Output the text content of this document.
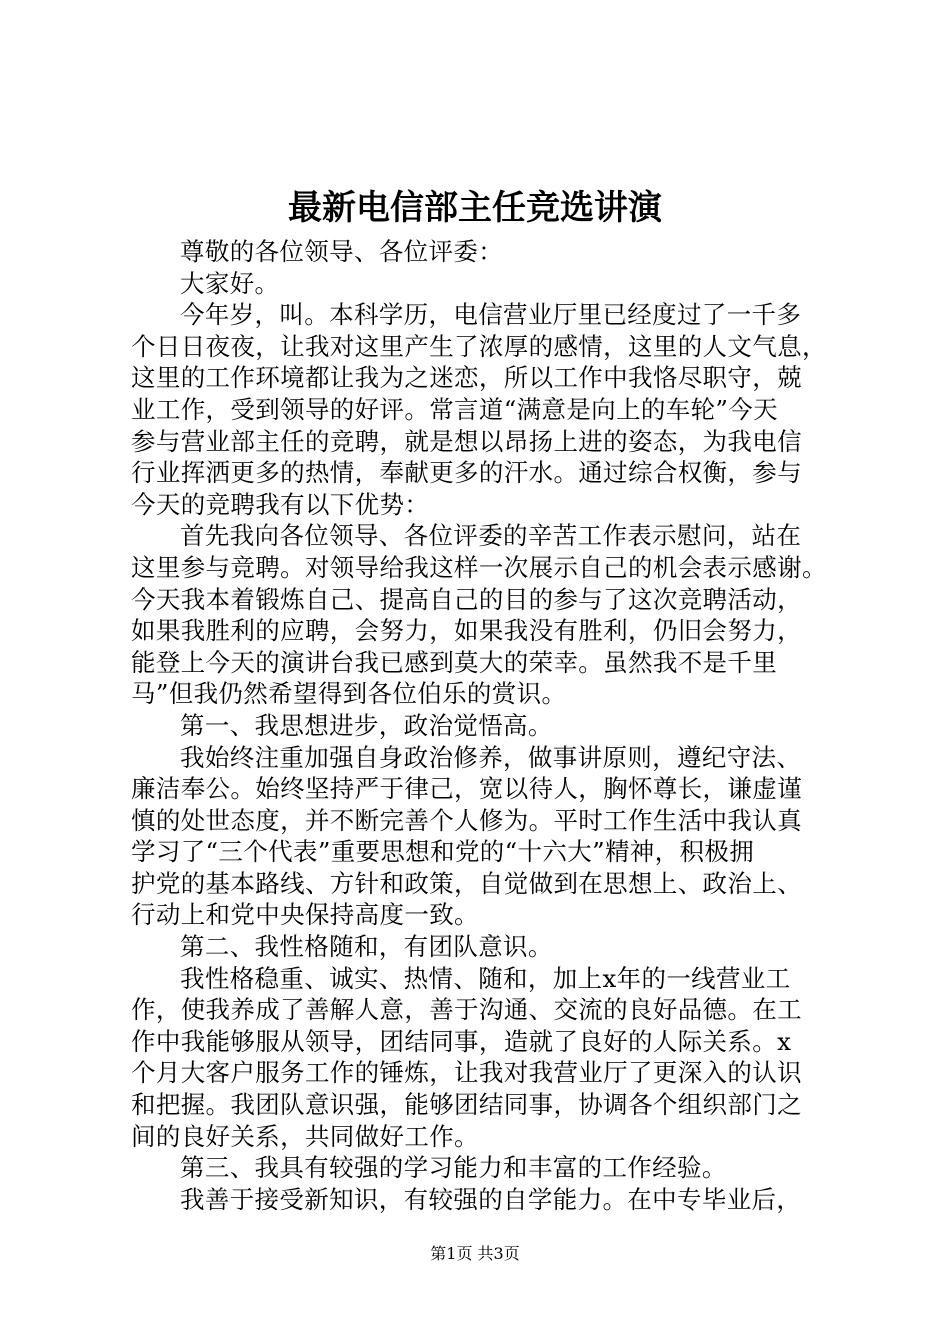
最新电信部主任竞选讲演
尊敬的各位领导、各位评委：
大家好。
今年岁，叫。本科学历，电信营业厅里已经度过了一千多
个日日夜夜，让我对这里产生了浓厚的感情，这里的人文气息，
这里的工作环境都让我为之迷恋，所以工作中我恪尽职守，兢
业工作，受到领导的好评。常言道“满意是向上的车轮”今天
参与营业部主任的竞聘，就是想以昂扬上进的姿态，为我电信
行业挥洒更多的热情，奉献更多的汗水。通过综合权衡，参与
今天的竞聘我有以下优势：
首先我向各位领导、各位评委的辛苦工作表示慰问，站在
这里参与竞聘。对领导给我这样一次展示自己的机会表示感谢。
今天我本着锻炼自己、提高自己的目的参与了这次竞聘活动，
如果我胜利的应聘，会努力，如果我没有胜利，仍旧会努力，
能登上今天的演讲台我已感到莫大的荣幸。虽然我不是千里
马”但我仍然希望得到各位伯乐的赏识。
第一、我思想进步，政治觉悟高。
我始终注重加强自身政治修养，做事讲原则，遵纪守法、
廉洁奉公。始终坚持严于律己，宽以待人，胸怀尊长，谦虚谨
慎的处世态度，并不断完善个人修为。平时工作生活中我认真
学习了“三个代表”重要思想和党的“十六大”精神，积极拥
护党的基本路线、方针和政策，自觉做到在思想上、政治上、
行动上和党中央保持高度一致。
第二、我性格随和，有团队意识。
我性格稳重、诚实、热情、随和，加上x年的一线营业工
作，使我养成了善解人意，善于沟通、交流的良好品德。在工
作中我能够服从领导，团结同事，造就了良好的人际关系。x
个月大客户服务工作的锤炼，让我对我营业厅了更深入的认识
和把握。我团队意识强，能够团结同事，协调各个组织部门之
间的良好关系，共同做好工作。
第三、我具有较强的学习能力和丰富的工作经验。
我善于接受新知识，有较强的自学能力。在中专毕业后，
第1页 共3页
